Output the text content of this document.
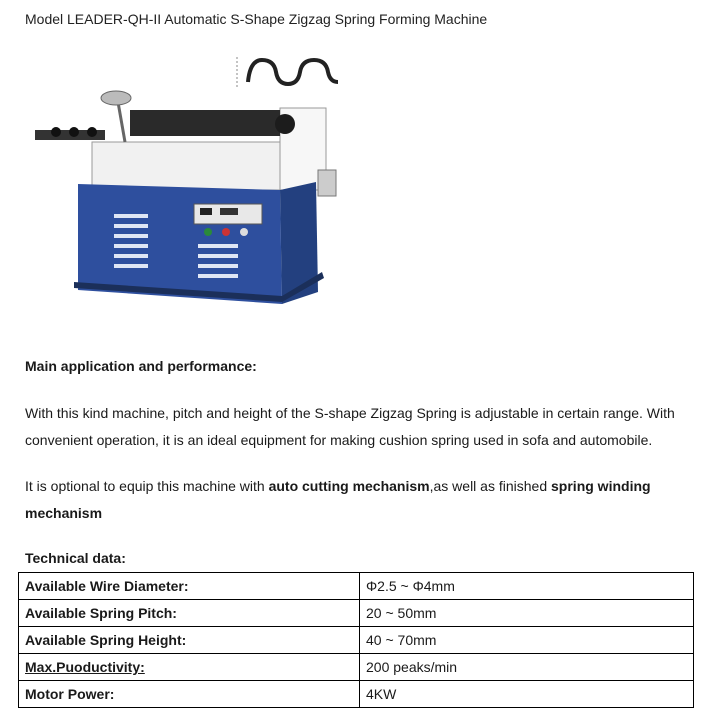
Model LEADER-QH-II Automatic S-Shape Zigzag Spring Forming Machine
Main application and performance:
With this kind machine, pitch and height of the S-shape Zigzag Spring is adjustable in certain range. With convenient operation, it is an ideal equipment for making cushion spring used in sofa and automobile.
It is optional to equip this machine with auto cutting mechanism,as well as finished spring winding mechanism
Technical data:
Available Wire Diameter:	Φ2.5 ~ Φ4mm
Available Spring Pitch:	20 ~ 50mm
Available Spring Height:	40 ~ 70mm
Max.Puoductivity:	200 peaks/min
Motor Power:	4KW
